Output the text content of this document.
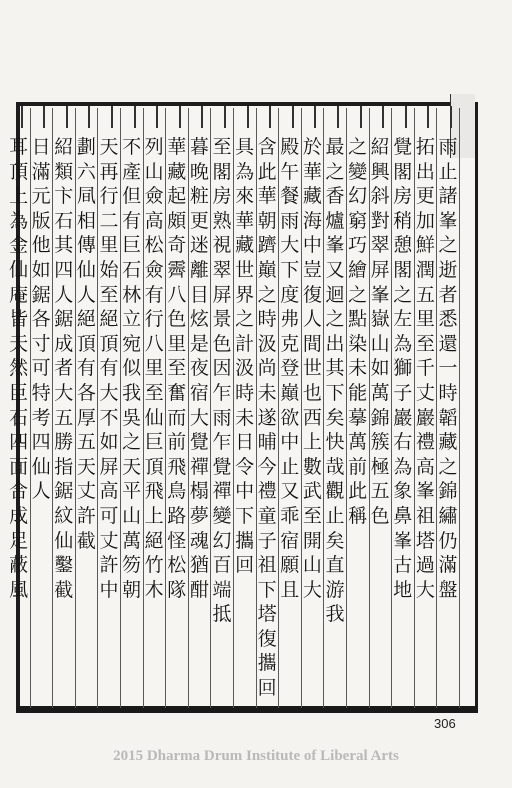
雨
止
諸
峯
之
逝
者
悉
還
一
時
韜
藏
之
錦
繡
仍
滿
盤
拓
出
更
加
鮮
潤
五
里
至
千
丈
巖
禮
高
峯
祖
塔
過
大
覺
閣
房
稍
憩
閣
之
左
為
獅
子
巖
右
為
象
鼻
峯
古
地
紹
興
斜
對
翠
屏
峯
嶽
山
如
萬
錦
簇
極
五
色
之
變
幻
窮
巧
繪
之
點
染
未
能
摹
萬
前
此
稱
最
之
香
爐
峯
又
迴
之
出
其
下
矣
快
哉
觀
止
矣
直
游
我
於
華
藏
海
中
豈
復
人
間
世
也
西
上
數
武
至
開
山
大
殿
午
餐
雨
大
下
度
弗
克
登
巔
欲
中
止
又
乖
宿
願
且
含
此
華
朝
躋
巔
之
時
汲
尚
未
遂
晡
今
禮
童
子
祖
下
塔
復
攜
回
具
為
來
華
藏
世
界
之
計
汲
時
未
日
令
中
下
攜
回
至
閣
房
熟
視
翠
屏
景
色
因
乍
雨
乍
覺
禪
變
幻
百
端
抵
暮
晚
粧
更
迷
離
目
炫
是
夜
宿
大
覺
禪
榻
夢
魂
猶
酣
華
藏
起
頗
奇
霽
八
色
里
至
奮
而
前
飛
鳥
路
怪
松
隊
列
山
僉
高
松
僉
有
行
八
里
至
仙
巨
頂
飛
上
絕
竹
木
不
產
但
有
巨
石
林
立
宛
似
我
吳
之
天
平
山
萬
笏
朝
天
再
行
二
里
始
至
絕
頂
有
大
不
如
屏
高
可
丈
許
中
劃
六
凬
相
傳
仙
人
絕
頂
有
各
厚
五
天
丈
許
截
紹
類
卞
石
其
四
人
鋸
成
者
大
五
勝
指
鋸
紋
仙
鑿
截
日
滿
元
版
他
如
鋸
各
寸
可
特
考
四
仙
人
耳
頂
上
為
金
仙
庵
皆
天
然
巨
石
四
面
合
成
足
蔽
風
306
2015 Dharma Drum Institute of Liberal Arts
